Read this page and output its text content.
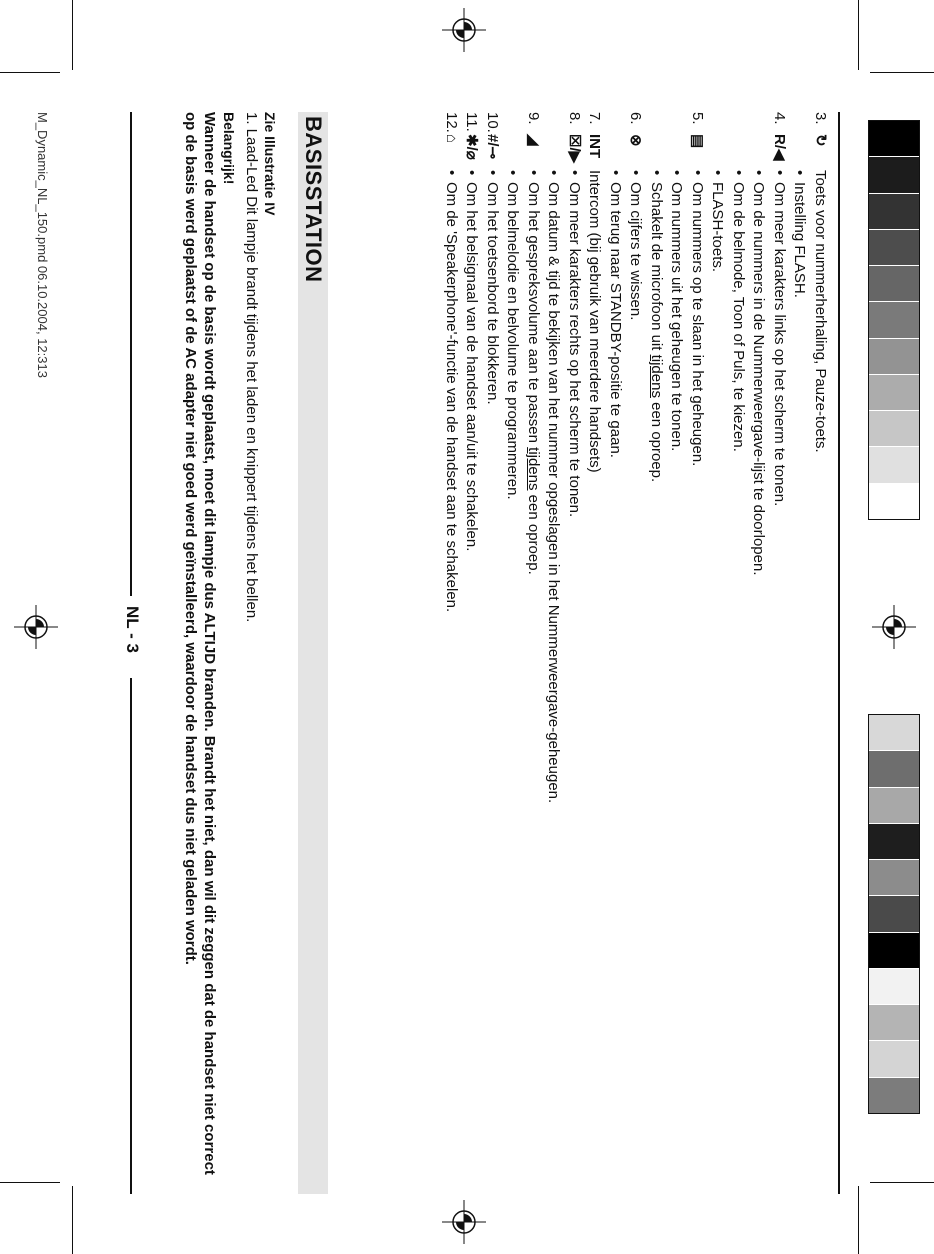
3.
↻
Toets voor nummerherhaling, Pauze-toets.
•Instelling FLASH.
4.
R/◀
•Om meer karakters links op het scherm te tonen.
•Om de nummers in de Nummerweergave-lijst te doorlopen.
•Om de belmode, Toon of Puls, te kiezen.
•FLASH-toets.
5.
▤
•Om nummers op te slaan in het geheugen.
•Om nummers uit het geheugen te tonen.
•Schakelt de microfoon uit tijdens een oproep.
6.
⊗
•Om cijfers te wissen.
•Om terug naar STANDBY-positie te gaan.
7.
INT
Intercom (bij gebruik van meerdere handsets)
8.
☒/▶
•Om meer karakters rechts op het scherm te tonen.
•Om datum & tijd te bekijken van het nummer opgeslagen in het Nummerweergave-geheugen.
9.
◢
•Om het gespreksvolume aan te passen tijdens een oproep.
•Om belmelodie en belvolume te programmeren.
10.
#/⊸
•Om het toetsenbord te blokkeren.
11.
✱/⌀
•Om het belsignaal van de handset aan/uit te schakelen.
12.
⌂
•Om de 'Speakerphone'-functie van de handset aan te schakelen.
BASISSTATION
Zie Illustratie IV
1. Laad-Led Dit lampje brandt tijdens het laden en knippert tijdens het bellen.
Belangrijk!
Wanneer de handset op de basis wordt geplaatst, moet dit lampje dus ALTIJD branden. Brandt het niet, dan wil dit zeggen dat de handset niet correct op de basis werd geplaatst of de AC adapter niet goed werd geïnstalleerd, waardoor de handset dus niet geladen wordt.
NL - 3
M_Dynamic_NL_150.pmd 06.10.2004, 12:313
